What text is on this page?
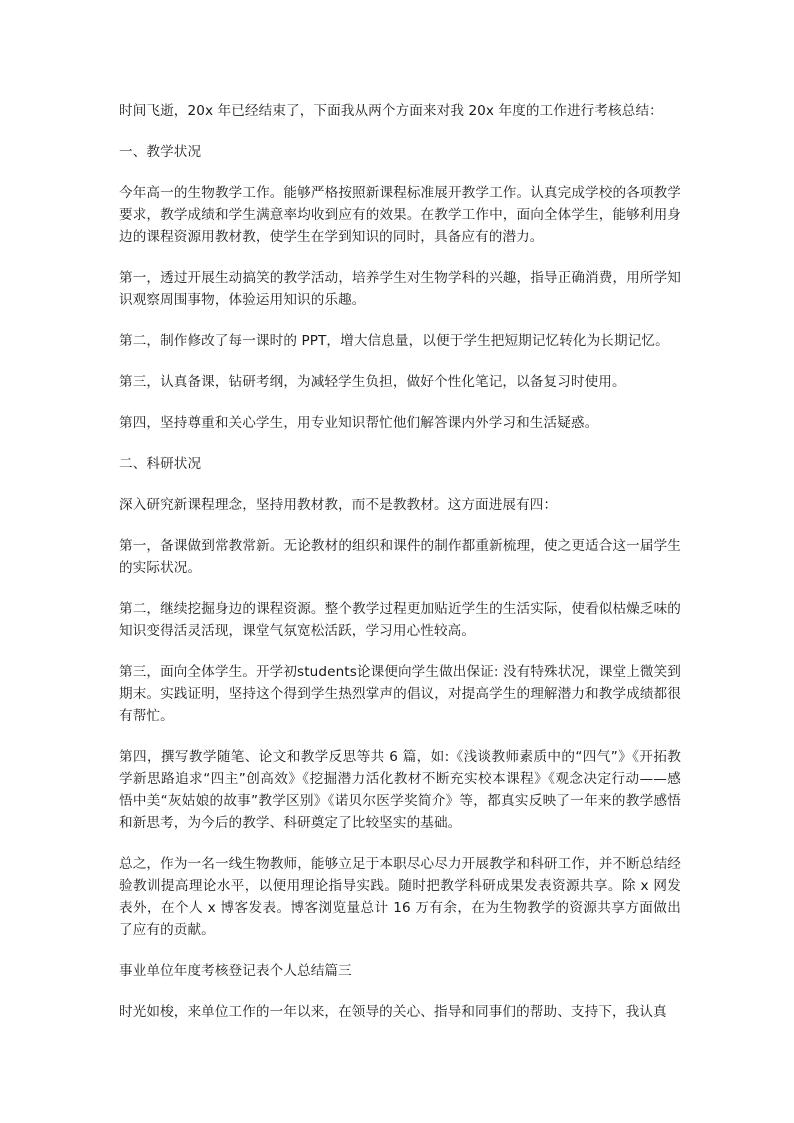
时间飞逝，20x 年已经结束了，下面我从两个方面来对我 20x 年度的工作进行考核总结：

一、教学状况

今年高一的生物教学工作。能够严格按照新课程标准展开教学工作。认真完成学校的各项教学要求，教学成绩和学生满意率均收到应有的效果。在教学工作中，面向全体学生，能够利用身边的课程资源用教材教，使学生在学到知识的同时，具备应有的潜力。

第一，透过开展生动搞笑的教学活动，培养学生对生物学科的兴趣，指导正确消费，用所学知识观察周围事物，体验运用知识的乐趣。

第二，制作修改了每一课时的 PPT，增大信息量，以便于学生把短期记忆转化为长期记忆。

第三，认真备课，钻研考纲，为减轻学生负担，做好个性化笔记，以备复习时使用。

第四，坚持尊重和关心学生，用专业知识帮忙他们解答课内外学习和生活疑惑。

二、科研状况

深入研究新课程理念，坚持用教材教，而不是教教材。这方面进展有四：

第一，备课做到常教常新。无论教材的组织和课件的制作都重新梳理，使之更适合这一届学生的实际状况。

第二，继续挖掘身边的课程资源。整个教学过程更加贴近学生的生活实际，使看似枯燥乏味的知识变得活灵活现，课堂气氛宽松活跃，学习用心性较高。

第三，面向全体学生。开学初students论课便向学生做出保证: 没有特殊状况，课堂上微笑到期末。实践证明，坚持这个得到学生热烈掌声的倡议，对提高学生的理解潜力和教学成绩都很有帮忙。

第四，撰写教学随笔、论文和教学反思等共 6 篇，如:《浅谈教师素质中的“四气”》《开拓教学新思路追求“四主”创高效》《挖掘潜力活化教材不断充实校本课程》《观念决定行动——感悟中美“灰姑娘的故事”教学区别》《诺贝尔医学奖简介》等，都真实反映了一年来的教学感悟和新思考，为今后的教学、科研奠定了比较坚实的基础。

总之，作为一名一线生物教师，能够立足于本职尽心尽力开展教学和科研工作，并不断总结经验教训提高理论水平，以便用理论指导实践。随时把教学科研成果发表资源共享。除 x 网发表外，在个人 x 博客发表。博客浏览量总计 16 万有余，在为生物教学的资源共享方面做出了应有的贡献。

事业单位年度考核登记表个人总结篇三

时光如梭，来单位工作的一年以来，在领导的关心、指导和同事们的帮助、支持下，我认真
